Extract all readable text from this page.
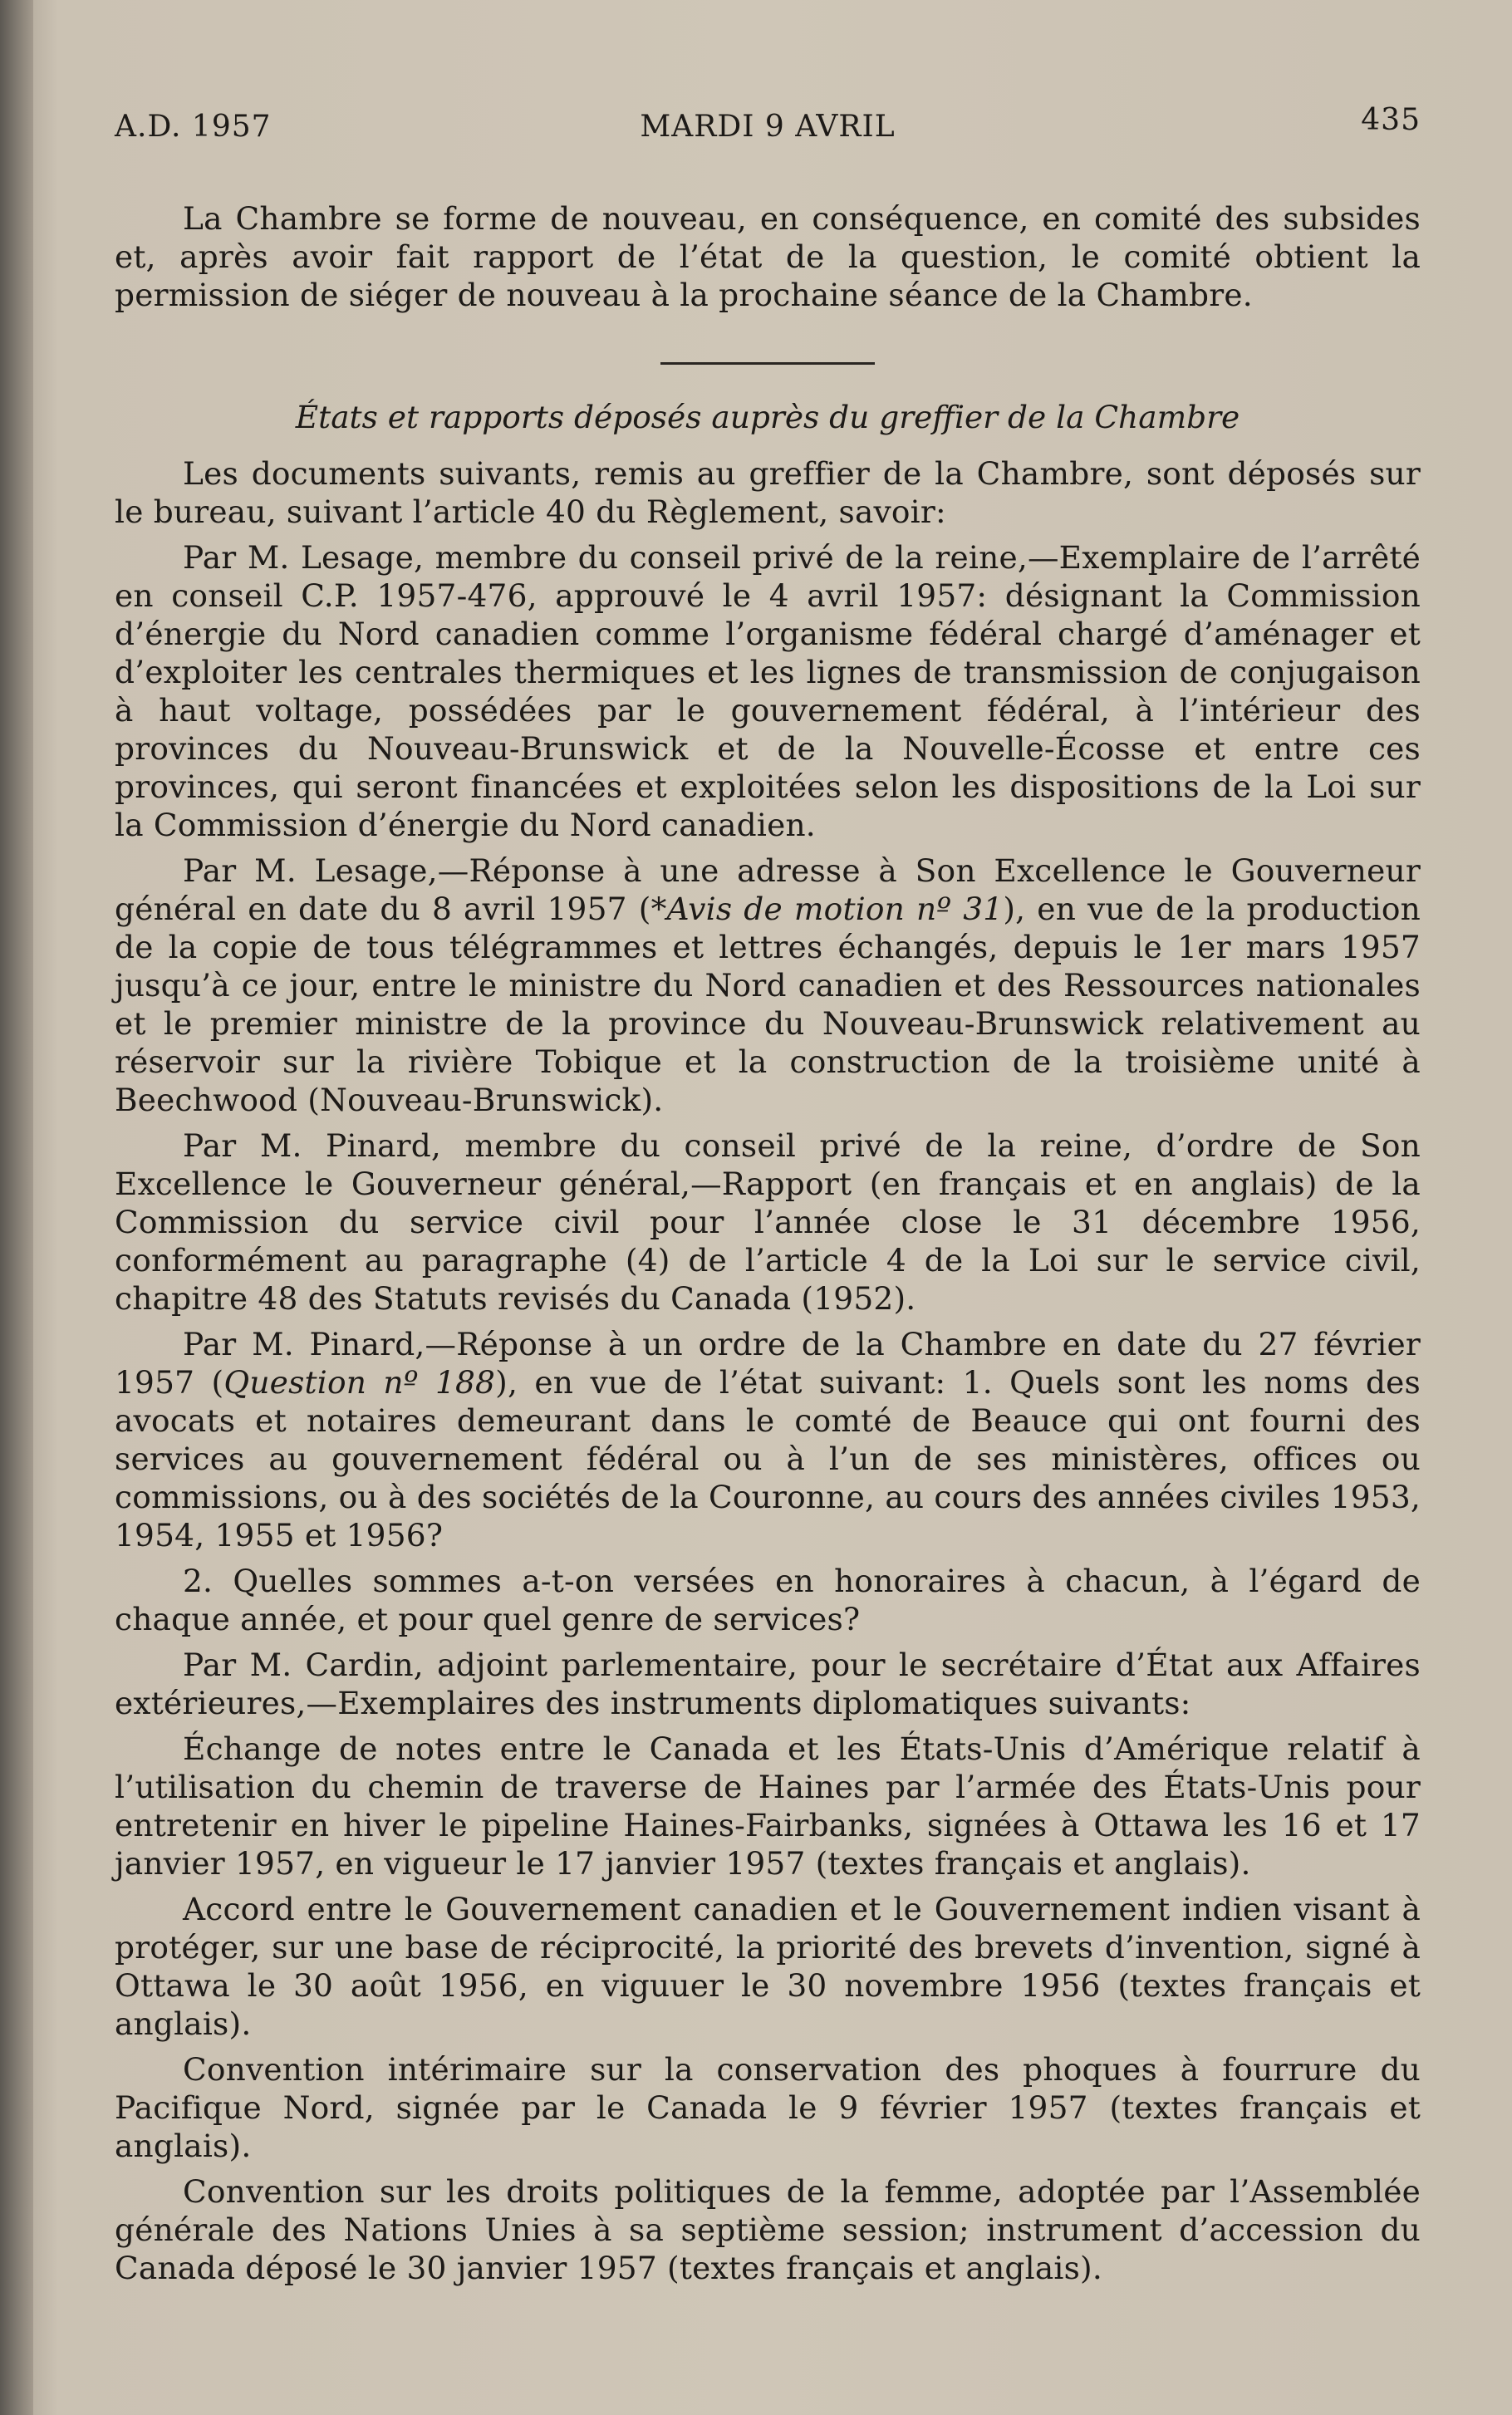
A.D. 1957	MARDI 9 AVRIL	435

La Chambre se forme de nouveau, en conséquence, en comité des subsides et, après avoir fait rapport de l’état de la question, le comité obtient la permission de siéger de nouveau à la prochaine séance de la Chambre.

États et rapports déposés auprès du greffier de la Chambre

Les documents suivants, remis au greffier de la Chambre, sont déposés sur le bureau, suivant l’article 40 du Règlement, savoir:

Par M. Lesage, membre du conseil privé de la reine,—Exemplaire de l’arrêté en conseil C.P. 1957-476, approuvé le 4 avril 1957: désignant la Commission d’énergie du Nord canadien comme l’organisme fédéral chargé d’aménager et d’exploiter les centrales thermiques et les lignes de transmission de conjugaison à haut voltage, possédées par le gouvernement fédéral, à l’intérieur des provinces du Nouveau-Brunswick et de la Nouvelle-Écosse et entre ces provinces, qui seront financées et exploitées selon les dispositions de la Loi sur la Commission d’énergie du Nord canadien.

Par M. Lesage,—Réponse à une adresse à Son Excellence le Gouverneur général en date du 8 avril 1957 (*Avis de motion nº 31), en vue de la production de la copie de tous télégrammes et lettres échangés, depuis le 1er mars 1957 jusqu’à ce jour, entre le ministre du Nord canadien et des Ressources nationales et le premier ministre de la province du Nouveau-Brunswick relativement au réservoir sur la rivière Tobique et la construction de la troisième unité à Beechwood (Nouveau-Brunswick).

Par M. Pinard, membre du conseil privé de la reine, d’ordre de Son Excellence le Gouverneur général,—Rapport (en français et en anglais) de la Commission du service civil pour l’année close le 31 décembre 1956, conformément au paragraphe (4) de l’article 4 de la Loi sur le service civil, chapitre 48 des Statuts revisés du Canada (1952).

Par M. Pinard,—Réponse à un ordre de la Chambre en date du 27 février 1957 (Question nº 188), en vue de l’état suivant: 1. Quels sont les noms des avocats et notaires demeurant dans le comté de Beauce qui ont fourni des services au gouvernement fédéral ou à l’un de ses ministères, offices ou commissions, ou à des sociétés de la Couronne, au cours des années civiles 1953, 1954, 1955 et 1956?

2. Quelles sommes a-t-on versées en honoraires à chacun, à l’égard de chaque année, et pour quel genre de services?

Par M. Cardin, adjoint parlementaire, pour le secrétaire d’État aux Affaires extérieures,—Exemplaires des instruments diplomatiques suivants:

Échange de notes entre le Canada et les États-Unis d’Amérique relatif à l’utilisation du chemin de traverse de Haines par l’armée des États-Unis pour entretenir en hiver le pipeline Haines-Fairbanks, signées à Ottawa les 16 et 17 janvier 1957, en vigueur le 17 janvier 1957 (textes français et anglais).

Accord entre le Gouvernement canadien et le Gouvernement indien visant à protéger, sur une base de réciprocité, la priorité des brevets d’invention, signé à Ottawa le 30 août 1956, en viguuer le 30 novembre 1956 (textes français et anglais).

Convention intérimaire sur la conservation des phoques à fourrure du Pacifique Nord, signée par le Canada le 9 février 1957 (textes français et anglais).

Convention sur les droits politiques de la femme, adoptée par l’Assemblée générale des Nations Unies à sa septième session; instrument d’accession du Canada déposé le 30 janvier 1957 (textes français et anglais).
